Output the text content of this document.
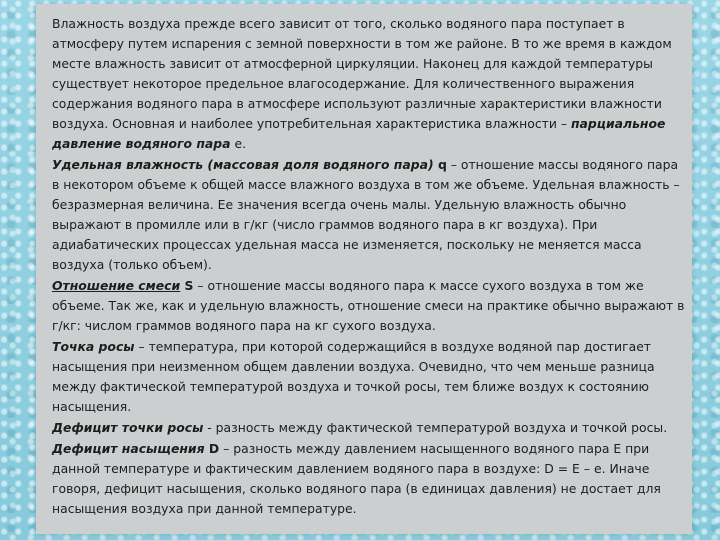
Влажность воздуха прежде всего зависит от того, сколько водяного пара поступает в атмосферу путем испарения с земной поверхности в том же районе. В то же время в каждом месте влажность зависит от атмосферной циркуляции. Наконец для каждой температуры существует некоторое предельное влагосодержание. Для количественного выражения содержания водяного пара в атмосфере используют различные характеристики влажности воздуха. Основная и наиболее употребительная характеристика влажности – парциальное давление водяного пара е.

Удельная влажность (массовая доля водяного пара) q – отношение массы водяного пара в некотором объеме к общей массе влажного воздуха в том же объеме. Удельная влажность – безразмерная величина. Ее значения всегда очень малы. Удельную влажность обычно выражают в промилле или в г/кг (число граммов водяного пара в кг воздуха). При адиабатических процессах удельная масса не изменяется, поскольку не меняется масса воздуха (только объем).

Отношение смеси S – отношение массы водяного пара к массе сухого воздуха в том же объеме. Так же, как и удельную влажность, отношение смеси на практике обычно выражают в г/кг: числом граммов водяного пара на кг сухого воздуха.

Точка росы – температура, при которой содержащийся в воздухе водяной пар достигает насыщения при неизменном общем давлении воздуха. Очевидно, что чем меньше разница между фактической температурой воздуха и точкой росы, тем ближе воздух к состоянию насыщения.

Дефицит точки росы - разность между фактической температурой воздуха и точкой росы.

Дефицит насыщения D – разность между давлением насыщенного водяного пара E при данной температуре и фактическим давлением водяного пара в воздухе: D = E – e. Иначе говоря, дефицит насыщения, сколько водяного пара (в единицах давления) не достает для насыщения воздуха при данной температуре.
